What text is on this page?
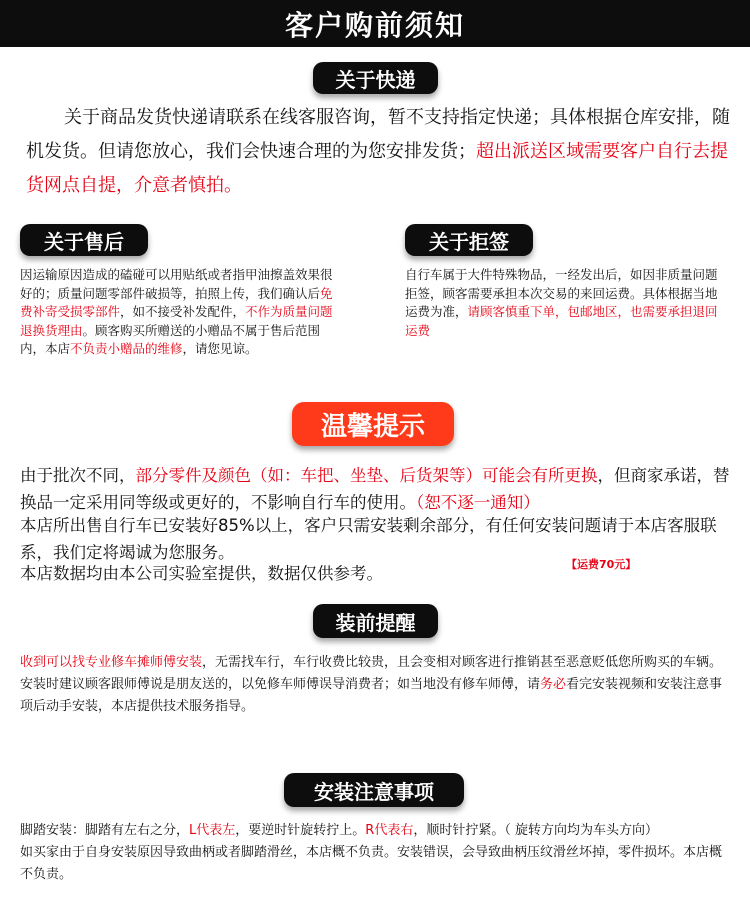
客户购前须知
关于快递

关于商品发货快递请联系在线客服咨询，暂不支持指定快递；具体根据仓库安排，随机发货。但请您放心，我们会快速合理的为您安排发货；超出派送区域需要客户自行去提货网点自提，介意者慎拍。

关于售后

因运输原因造成的磕碰可以用贴纸或者指甲油擦盖效果很好的；质量问题零部件破损等，拍照上传，我们确认后免费补寄受损零部件，如不接受补发配件，不作为质量问题退换货理由。顾客购买所赠送的小赠品不属于售后范围内，本店不负责小赠品的维修，请您见谅。

关于拒签

自行车属于大件特殊物品，一经发出后，如因非质量问题拒签，顾客需要承担本次交易的来回运费。具体根据当地运费为准，请顾客慎重下单，包邮地区，也需要承担退回运费

温馨提示

由于批次不同，部分零件及颜色（如：车把、坐垫、后货架等）可能会有所更换，但商家承诺，替换品一定采用同等级或更好的，不影响自行车的使用。（恕不逐一通知）

本店所出售自行车已安装好85%以上，客户只需安装剩余部分，有任何安装问题请于本店客服联系，我们定将竭诚为您服务。

本店数据均由本公司实验室提供，数据仅供参考。	【运费70元】
装前提醒

收到可以找专业修车摊师傅安装，无需找车行，车行收费比较贵，且会变相对顾客进行推销甚至恶意贬低您所购买的车辆。安装时建议顾客跟师傅说是朋友送的，以免修车师傅误导消费者；如当地没有修车师傅，请务必看完安装视频和安装注意事项后动手安装，本店提供技术服务指导。

安装注意事项

脚踏安装：脚踏有左右之分，L代表左，要逆时针旋转拧上。R代表右，顺时针拧紧。（ 旋转方向均为车头方向）

如买家由于自身安装原因导致曲柄或者脚踏滑丝，本店概不负责。安装错误，会导致曲柄压纹滑丝坏掉，零件损坏。本店概不负责。
